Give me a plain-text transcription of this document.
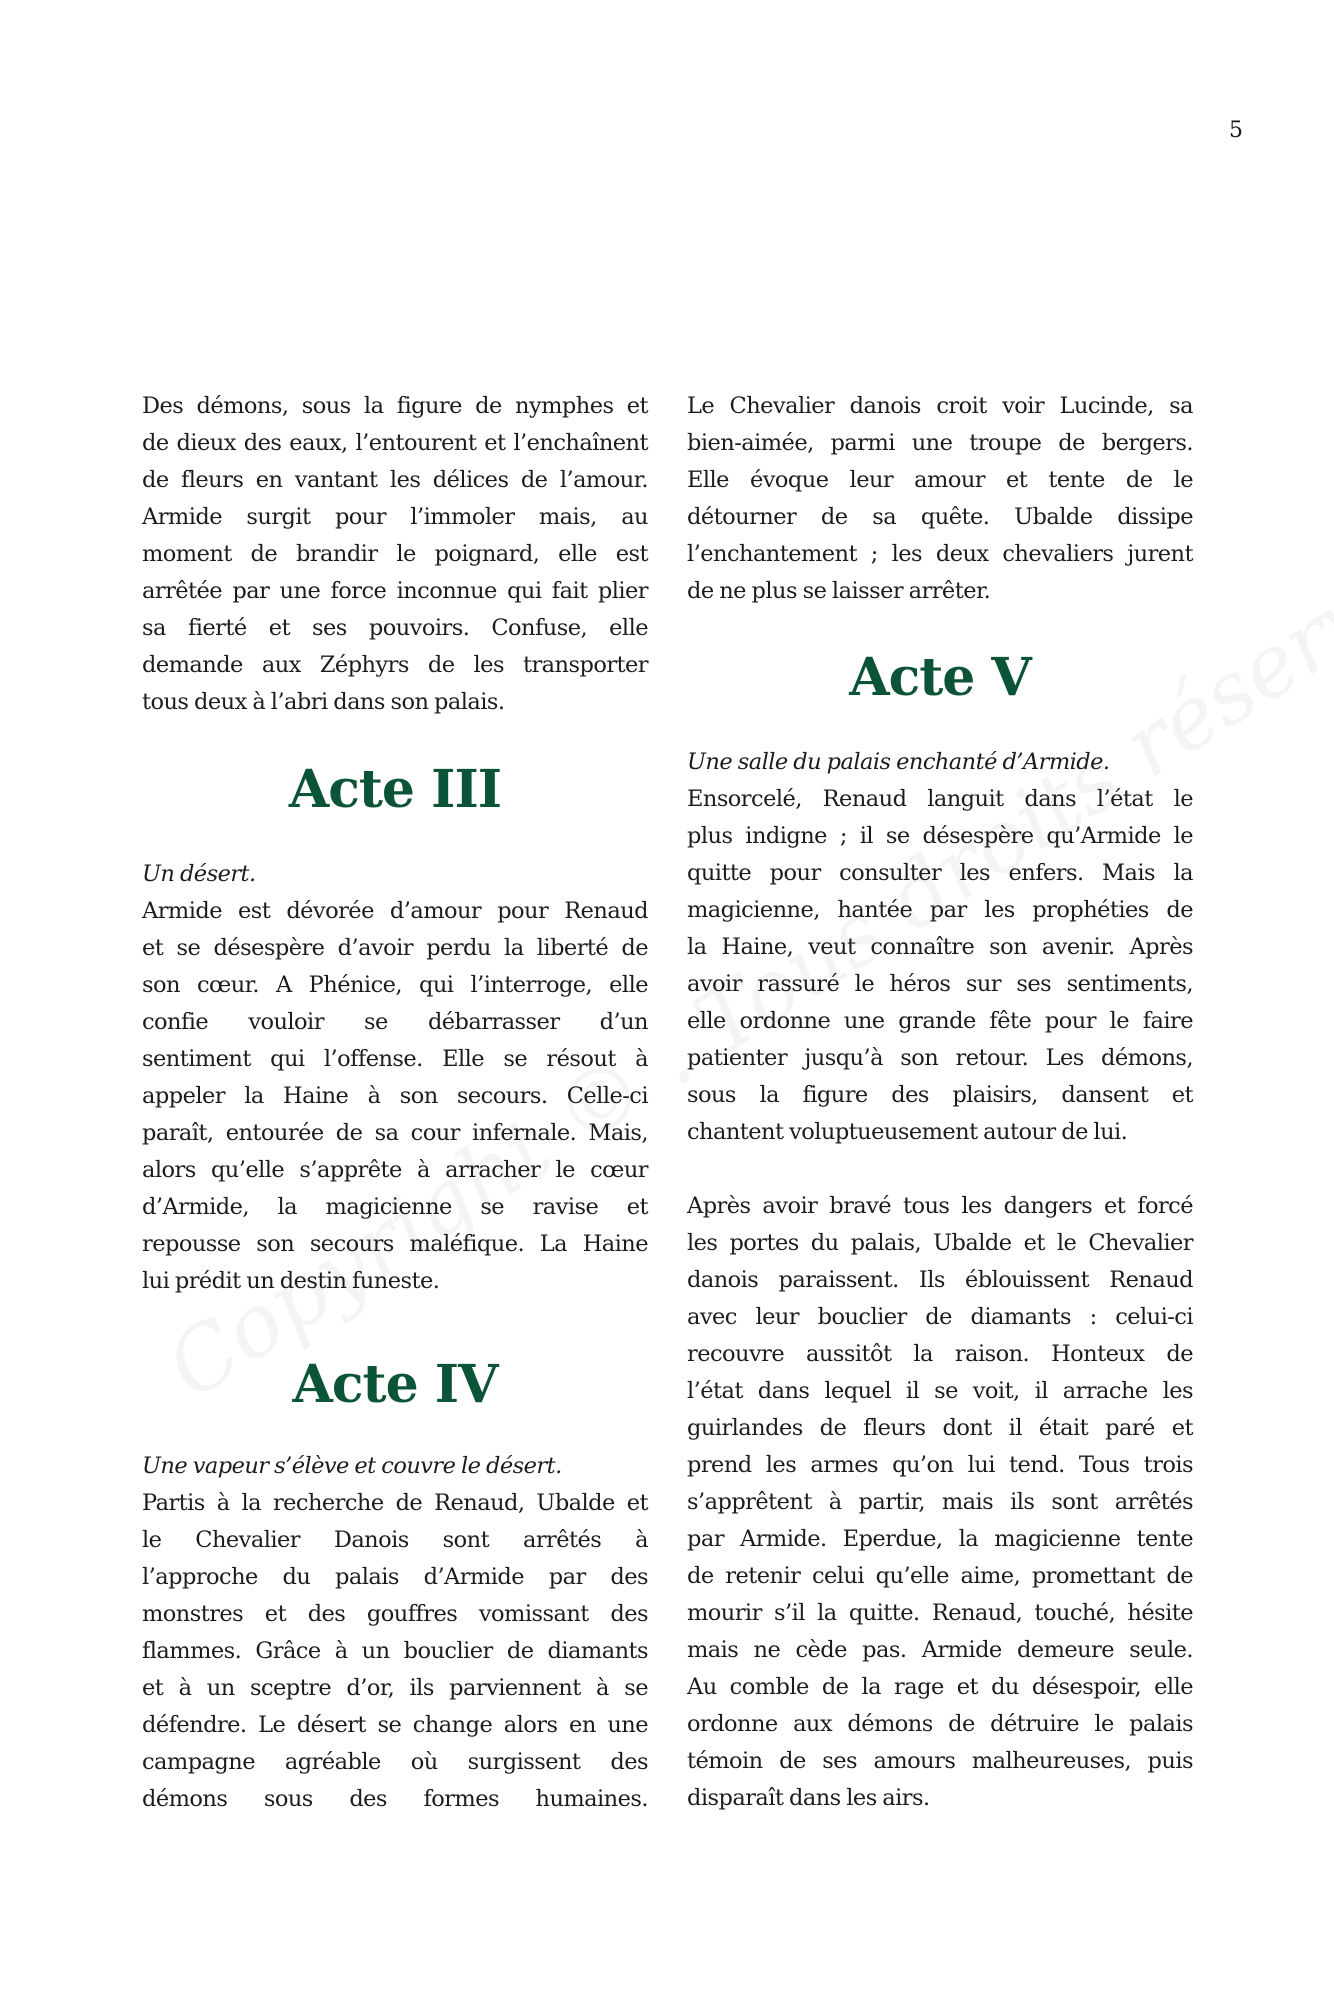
5
Des démons, sous la figure de nymphes et
de dieux des eaux, l’entourent et l’enchaînent
de fleurs en vantant les délices de l’amour.
Armide surgit pour l’immoler mais, au
moment de brandir le poignard, elle est
arrêtée par une force inconnue qui fait plier
sa fierté et ses pouvoirs. Confuse, elle
demande aux Zéphyrs de les transporter
tous deux à l’abri dans son palais.
Acte III
Un désert.
Armide est dévorée d’amour pour Renaud
et se désespère d’avoir perdu la liberté de
son cœur. A Phénice, qui l’interroge, elle
confie vouloir se débarrasser d’un
sentiment qui l’offense. Elle se résout à
appeler la Haine à son secours. Celle-ci
paraît, entourée de sa cour infernale. Mais,
alors qu’elle s’apprête à arracher le cœur
d’Armide, la magicienne se ravise et
repousse son secours maléfique. La Haine
lui prédit un destin funeste.
Acte IV
Une vapeur s’élève et couvre le désert.
Partis à la recherche de Renaud, Ubalde et
le Chevalier Danois sont arrêtés à
l’approche du palais d’Armide par des
monstres et des gouffres vomissant des
flammes. Grâce à un bouclier de diamants
et à un sceptre d’or, ils parviennent à se
défendre. Le désert se change alors en une
campagne agréable où surgissent des
démons sous des formes humaines.
Le Chevalier danois croit voir Lucinde, sa
bien-aimée, parmi une troupe de bergers.
Elle évoque leur amour et tente de le
détourner de sa quête. Ubalde dissipe
l’enchantement ; les deux chevaliers jurent
de ne plus se laisser arrêter.
Acte V
Une salle du palais enchanté d’Armide.
Ensorcelé, Renaud languit dans l’état le
plus indigne ; il se désespère qu’Armide le
quitte pour consulter les enfers. Mais la
magicienne, hantée par les prophéties de
la Haine, veut connaître son avenir. Après
avoir rassuré le héros sur ses sentiments,
elle ordonne une grande fête pour le faire
patienter jusqu’à son retour. Les démons,
sous la figure des plaisirs, dansent et
chantent voluptueusement autour de lui.
Après avoir bravé tous les dangers et forcé
les portes du palais, Ubalde et le Chevalier
danois paraissent. Ils éblouissent Renaud
avec leur bouclier de diamants : celui-ci
recouvre aussitôt la raison. Honteux de
l’état dans lequel il se voit, il arrache les
guirlandes de fleurs dont il était paré et
prend les armes qu’on lui tend. Tous trois
s’apprêtent à partir, mais ils sont arrêtés
par Armide. Eperdue, la magicienne tente
de retenir celui qu’elle aime, promettant de
mourir s’il la quitte. Renaud, touché, hésite
mais ne cède pas. Armide demeure seule.
Au comble de la rage et du désespoir, elle
ordonne aux démons de détruire le palais
témoin de ses amours malheureuses, puis
disparaît dans les airs.
